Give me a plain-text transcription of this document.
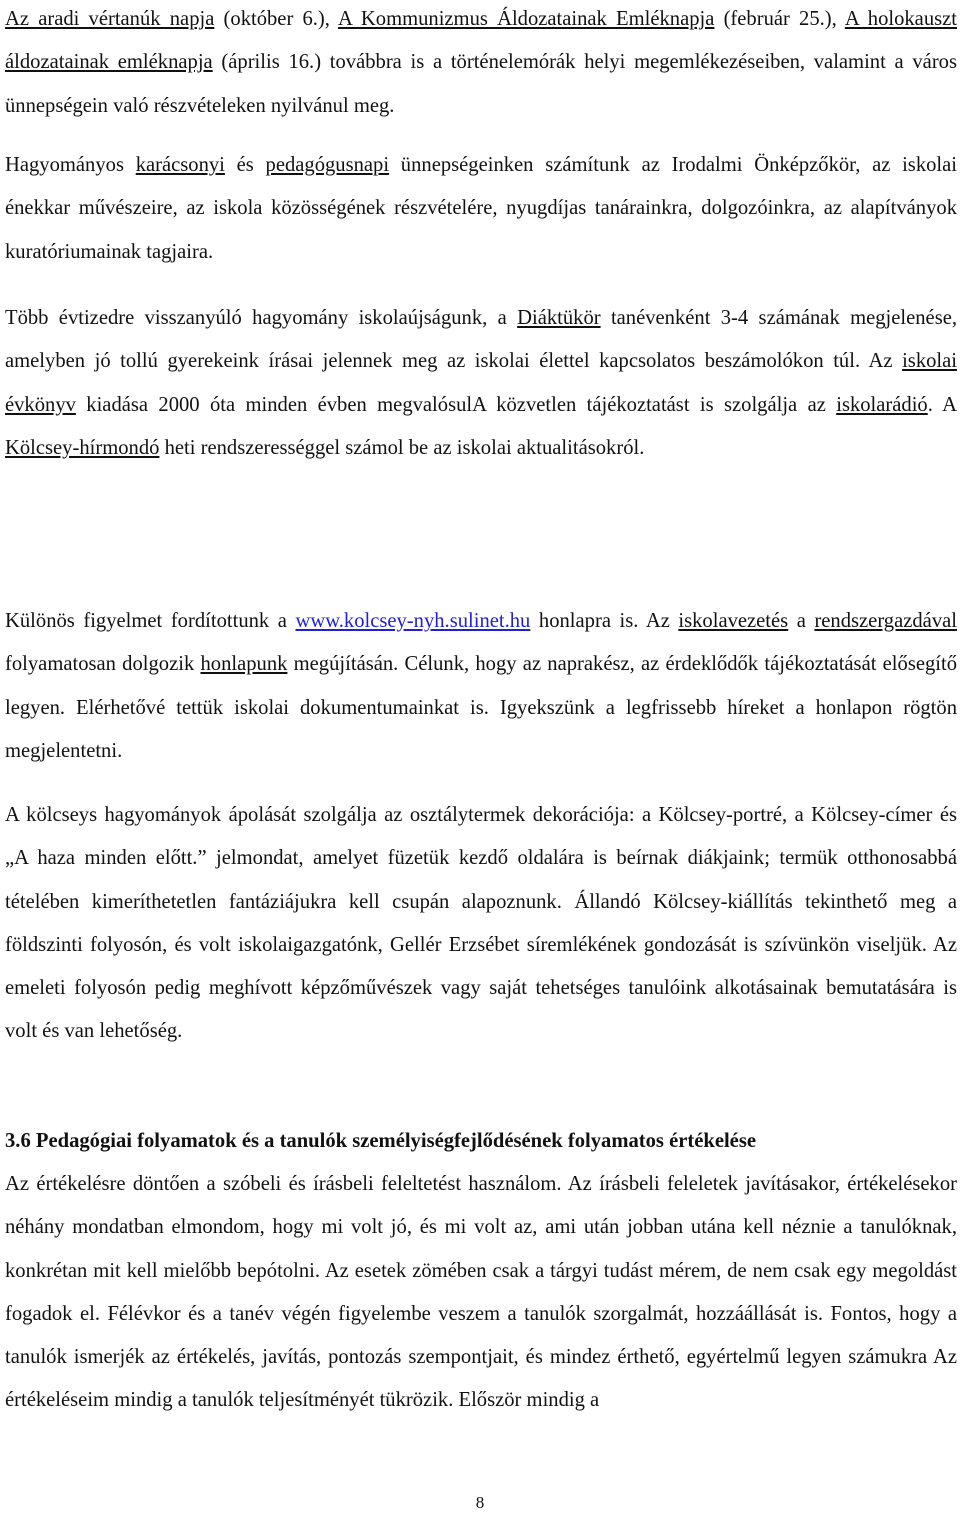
Az aradi vértanúk napja (október 6.), A Kommunizmus Áldozatainak Emléknapja (február 25.), A holokauszt áldozatainak emléknapja (április 16.) továbbra is a történelemórák helyi megemlékezéseiben, valamint a város ünnepségein való részvételeken nyilvánul meg.

Hagyományos karácsonyi és pedagógusnapi ünnepségeinken számítunk az Irodalmi Önképzőkör, az iskolai énekkar művészeire, az iskola közösségének részvételére, nyugdíjas tanárainkra, dolgozóinkra, az alapítványok kuratóriumainak tagjaira.

Több évtizedre visszanyúló hagyomány iskolaújságunk, a Diáktükör tanévenként 3-4 számának megjelenése, amelyben jó tollú gyerekeink írásai jelennek meg az iskolai élettel kapcsolatos beszámolókon túl. Az iskolai évkönyv kiadása 2000 óta minden évben megvalósulA közvetlen tájékoztatást is szolgálja az iskolarádió. A Kölcsey-hírmondó heti rendszerességgel számol be az iskolai aktualitásokról.

Különös figyelmet fordítottunk a www.kolcsey-nyh.sulinet.hu honlapra is. Az iskolavezetés a rendszergazdával folyamatosan dolgozik honlapunk megújításán. Célunk, hogy az naprakész, az érdeklődők tájékoztatását elősegítő legyen. Elérhetővé tettük iskolai dokumentumainkat is. Igyekszünk a legfrissebb híreket a honlapon rögtön megjelentetni.

A kölcseys hagyományok ápolását szolgálja az osztálytermek dekorációja: a Kölcsey-portré, a Kölcsey-címer és „A haza minden előtt.” jelmondat, amelyet füzetük kezdő oldalára is beírnak diákjaink; termük otthonosabbá tételében kimeríthetetlen fantáziájukra kell csupán alapoznunk. Állandó Kölcsey-kiállítás tekinthető meg a földszinti folyosón, és volt iskolaigazgatónk, Gellér Erzsébet síremlékének gondozását is szívünkön viseljük. Az emeleti folyosón pedig meghívott képzőművészek vagy saját tehetséges tanulóink alkotásainak bemutatására is volt és van lehetőség.

3.6 Pedagógiai folyamatok és a tanulók személyiségfejlődésének folyamatos értékelése

Az értékelésre döntően a szóbeli és írásbeli feleltetést használom. Az írásbeli feleletek javításakor, értékelésekor néhány mondatban elmondom, hogy mi volt jó, és mi volt az, ami után jobban utána kell néznie a tanulóknak, konkrétan mit kell mielőbb bepótolni. Az esetek zömében csak a tárgyi tudást mérem, de nem csak egy megoldást fogadok el. Félévkor és a tanév végén figyelembe veszem a tanulók szorgalmát, hozzáállását is. Fontos, hogy a tanulók ismerjék az értékelés, javítás, pontozás szempontjait, és mindez érthető, egyértelmű legyen számukra Az értékeléseim mindig a tanulók teljesítményét tükrözik. Először mindig a

8
